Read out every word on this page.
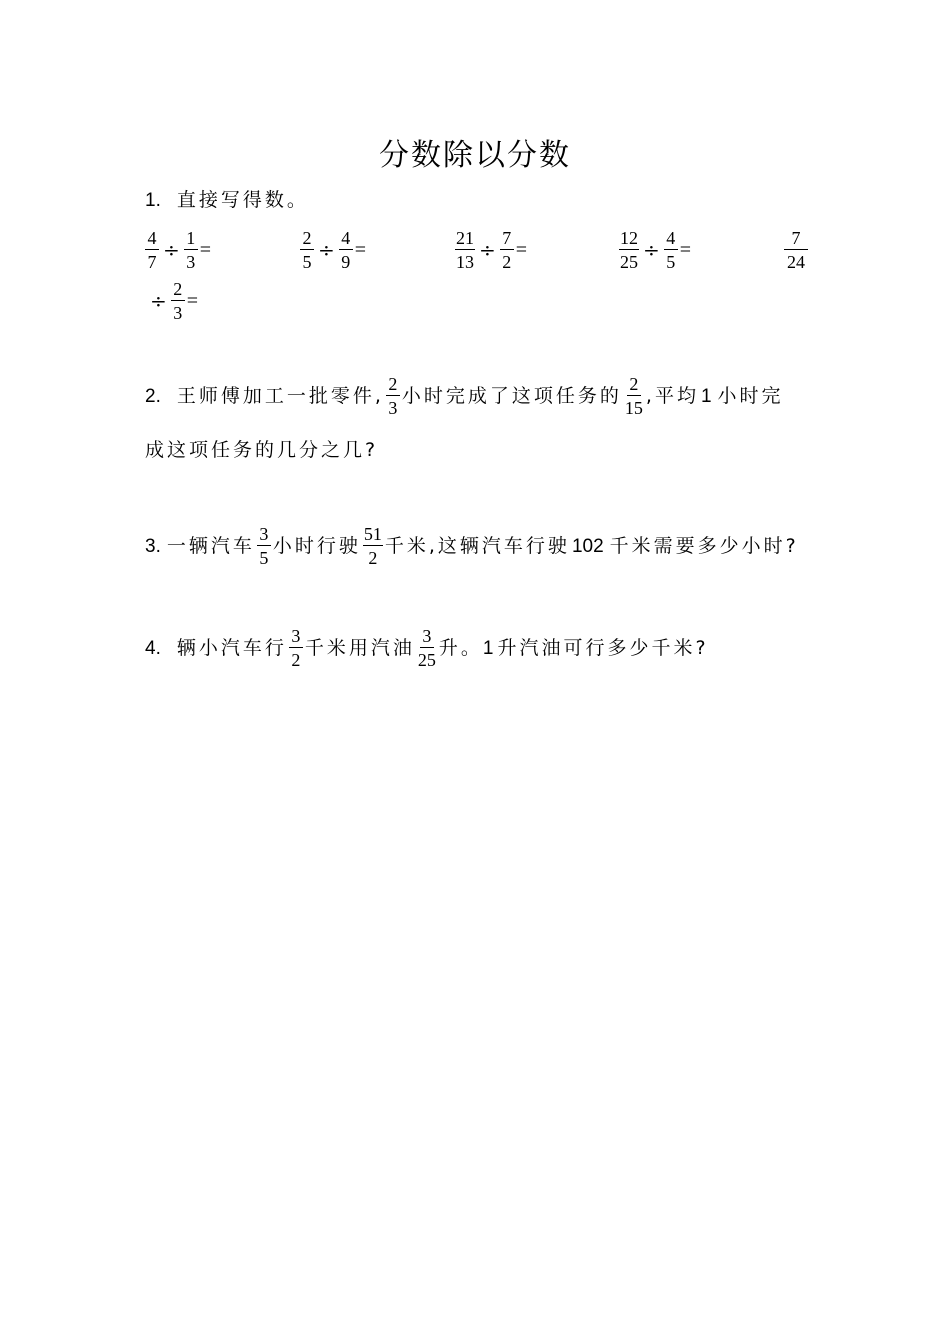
分数除以分数
1. 直接写得数。
$\frac{4}{7} \div \frac{1}{3}$ =	$\frac{2}{5} \div \frac{4}{9}$ =	$\frac{21}{13} \div \frac{7}{2}$ =	$\frac{12}{25} \div \frac{4}{5}$ =	$\frac{7}{24}$
÷ $\frac{2}{3}$ =
2. 王师傅加工一批零件, $\frac{2}{3}$ 小时完成了这项任务的 $\frac{2}{15}$ ,平均 1 小时完
成这项任务的几分之几?
3. 一辆汽车 $\frac{3}{5}$ 小时行驶 $\frac{51}{2}$ 千米,这辆汽车行驶 102 千米需要多少小时?
4. 辆小汽车行 $\frac{3}{2}$ 千米用汽油 $\frac{3}{25}$ 升。 1 升汽油可行多少千米?
